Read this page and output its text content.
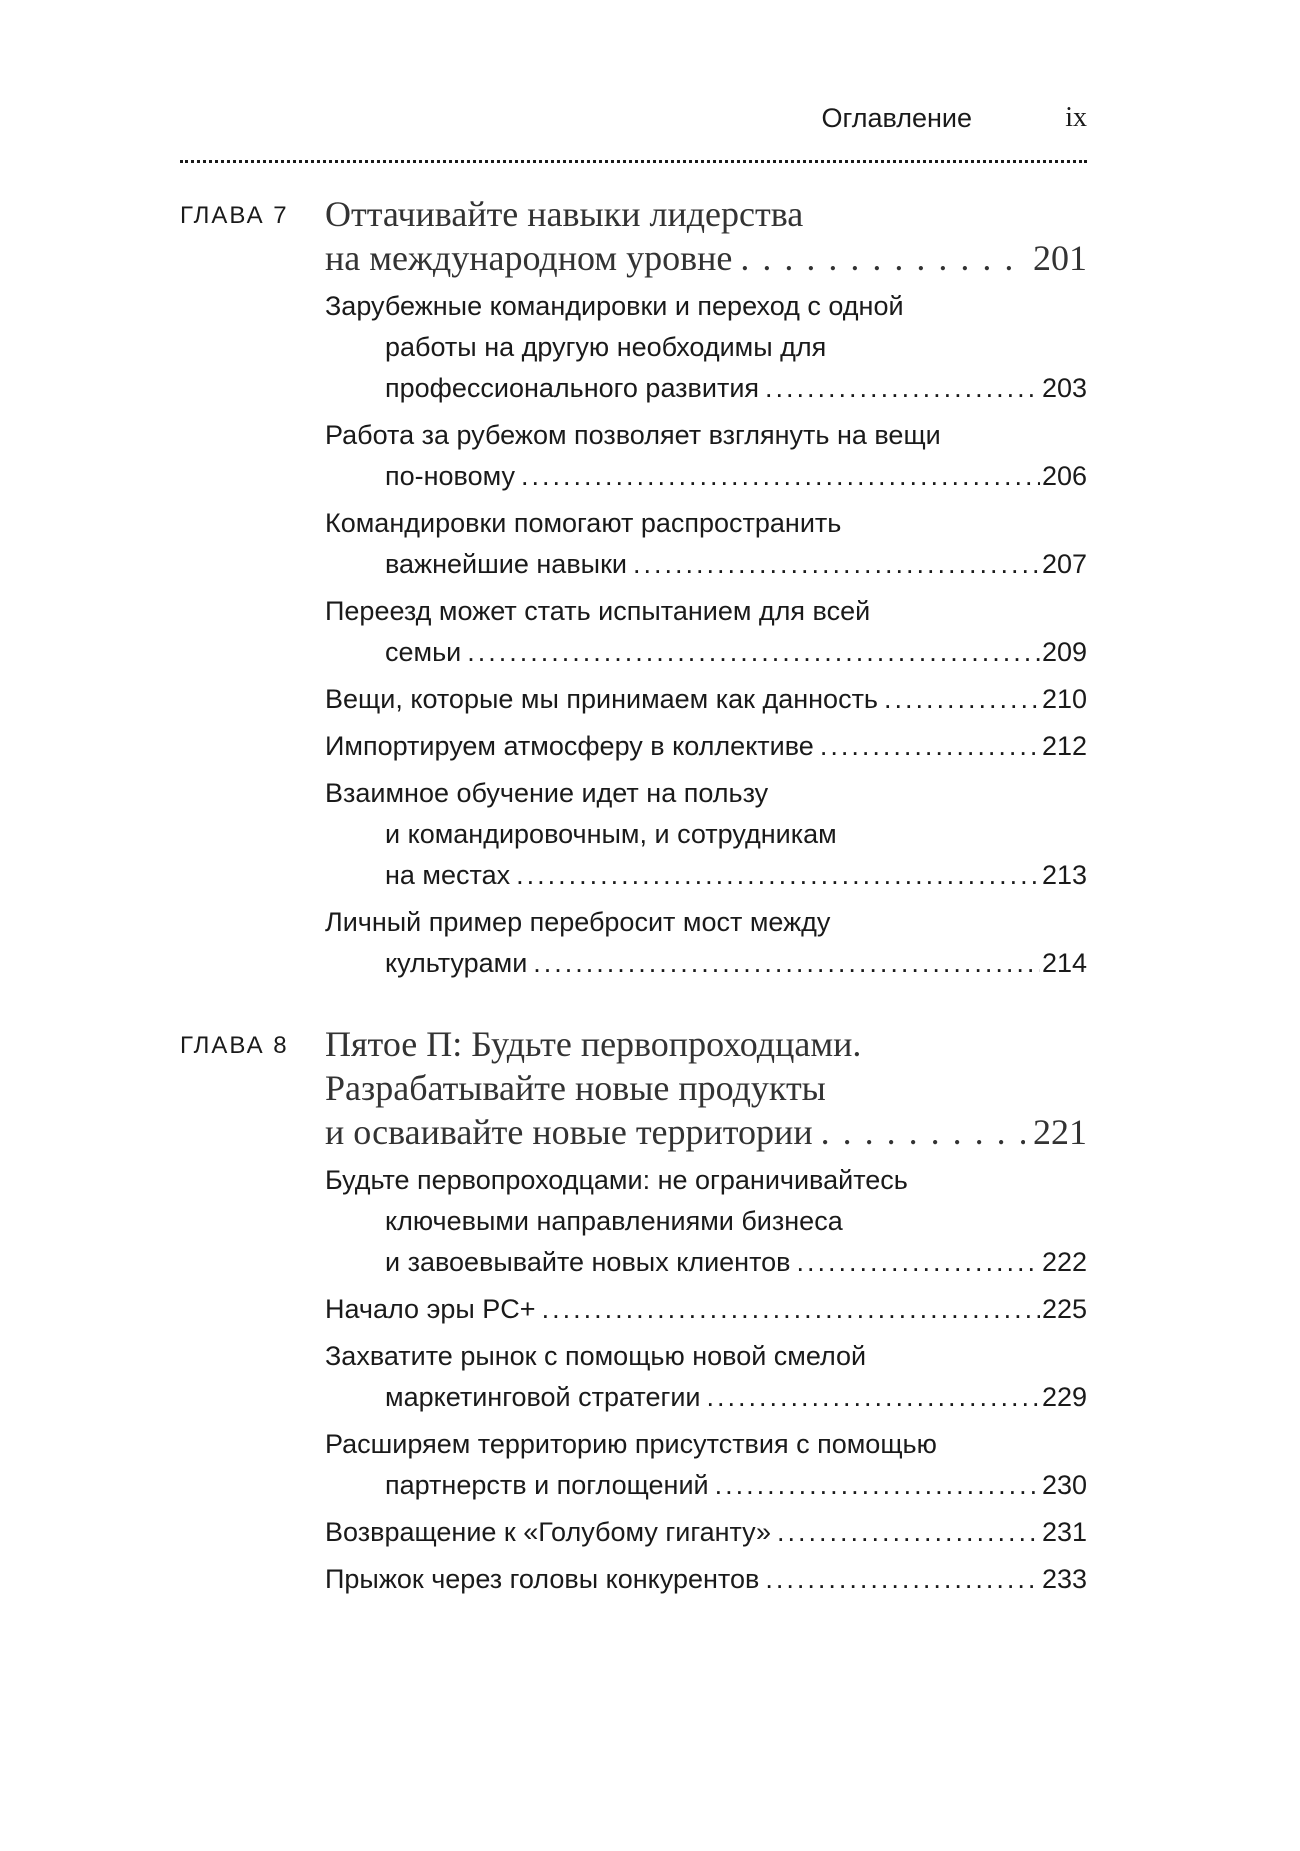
Оглавление	ix
ГЛАВА 7 Оттачивайте навыки лидерства
на международном уровне . . .	201
Зарубежные командировки и переход с одной
работы на другую необходимы для
профессионального развития .....	203
Работа за рубежом позволяет взглянуть на вещи
по-новому .....	206
Командировки помогают распространить
важнейшие навыки .....	207
Переезд может стать испытанием для всей
семьи .....	209
Вещи, которые мы принимаем как данность .....	210
Импортируем атмосферу в коллективе .....	212
Взаимное обучение идет на пользу
и командировочным, и сотрудникам
на местах .....	213
Личный пример перебросит мост между
культурами .....	214
ГЛАВА 8 Пятое П: Будьте первопроходцами.
Разрабатывайте новые продукты
и осваивайте новые территории . . .	221
Будьте первопроходцами: не ограничивайтесь
ключевыми направлениями бизнеса
и завоевывайте новых клиентов .....	222
Начало эры PC+ .....	225
Захватите рынок с помощью новой смелой
маркетинговой стратегии .....	229
Расширяем территорию присутствия с помощью
партнерств и поглощений .....	230
Возвращение к «Голубому гиганту» .....	231
Прыжок через головы конкурентов .....	233
